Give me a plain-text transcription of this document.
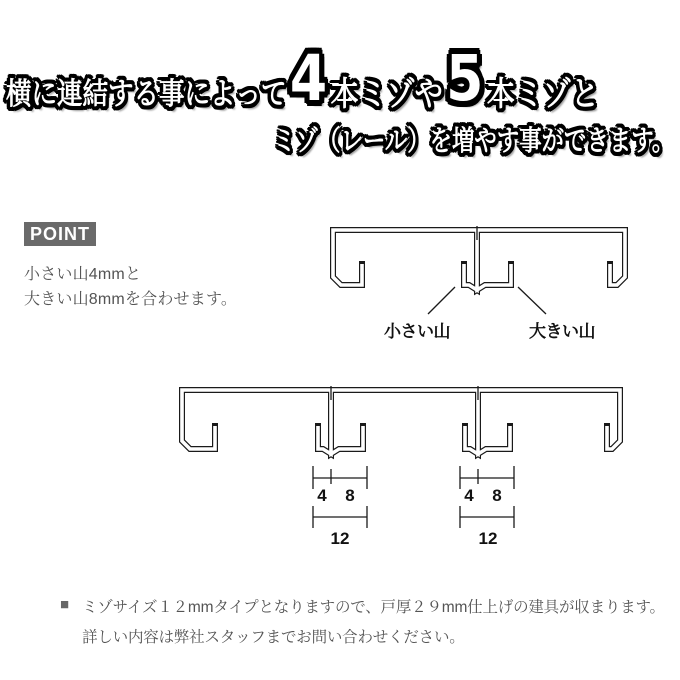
横に連結する事によって 4 本ミゾや 5 本ミゾと
ミゾ（レール）を増やす事ができます。
POINT
小さい山4mmと
大きい山8mmを合わせます。
小さい山	大きい山
4 8
12
4 8
12
■ ミゾサイズ１２mmタイプとなりますので、戸厚２９mm仕上げの建具が収まります。
詳しい内容は弊社スタッフまでお問い合わせください。
